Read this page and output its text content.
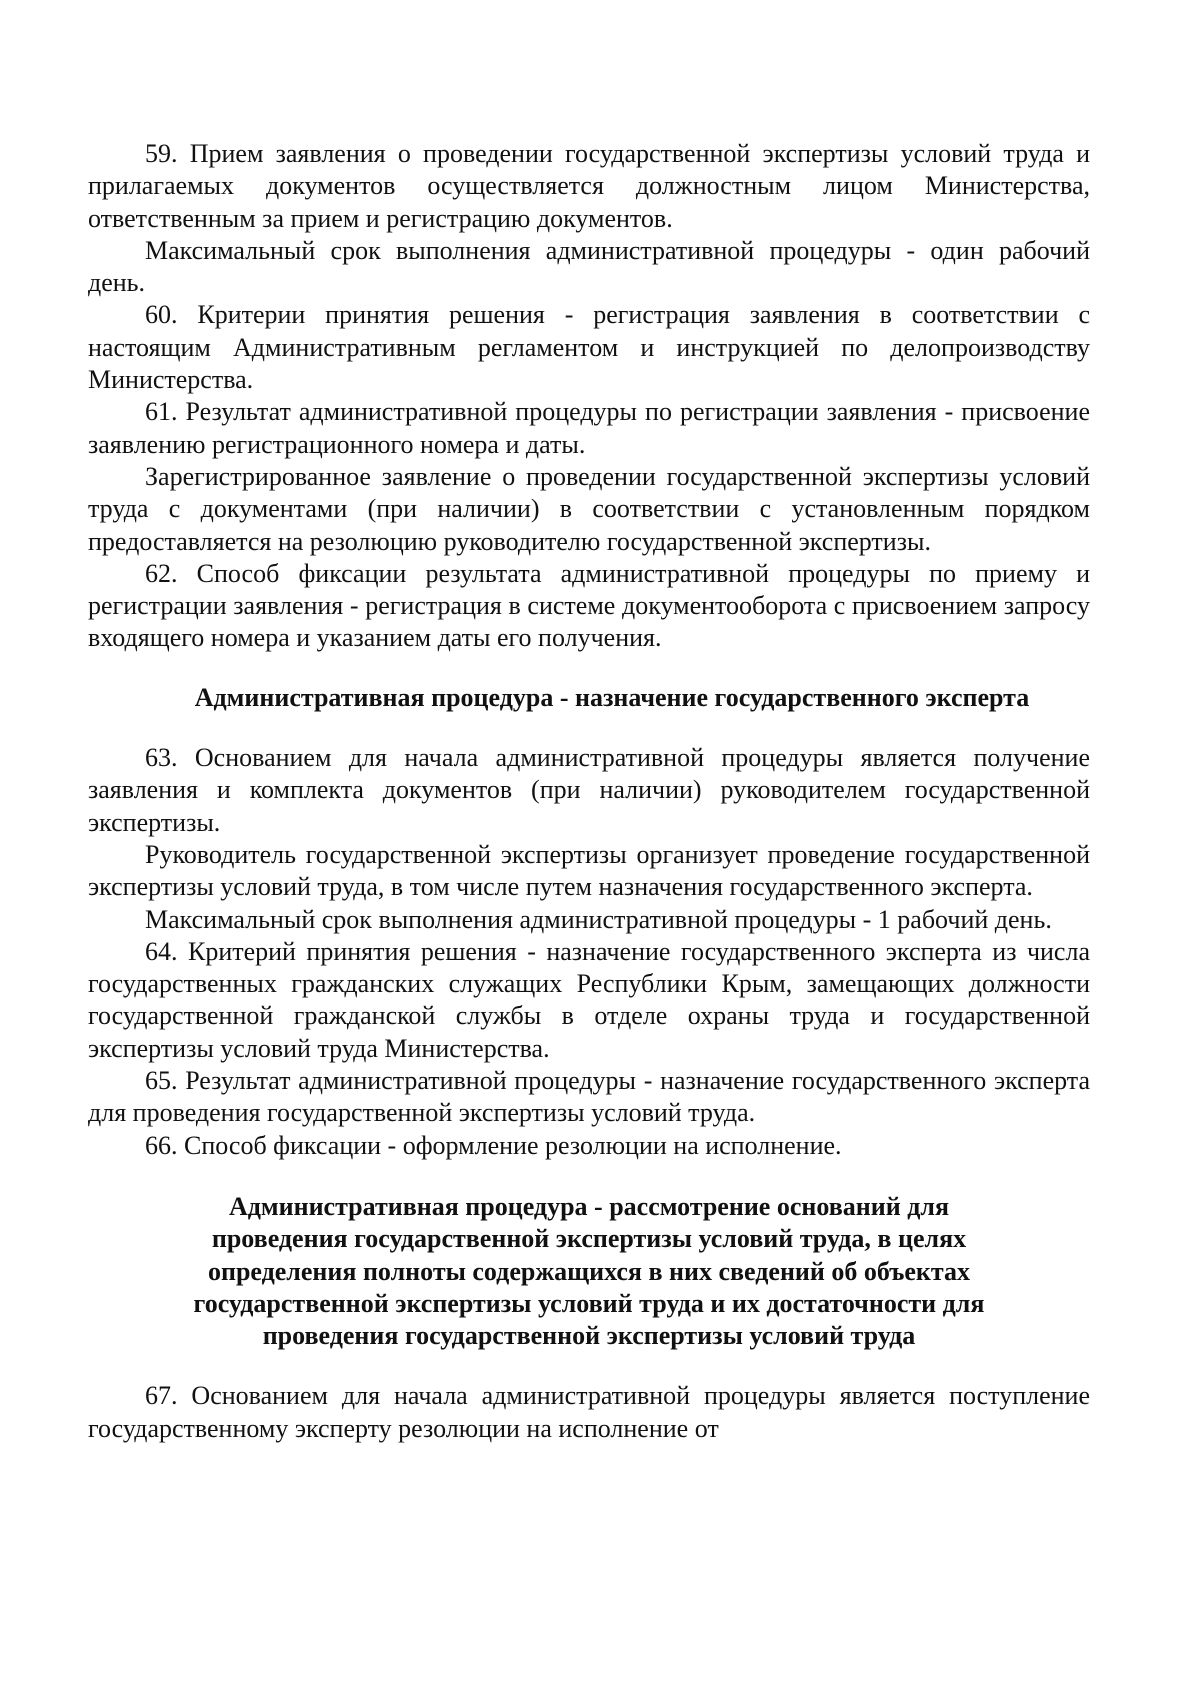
59. Прием заявления о проведении государственной экспертизы условий труда и прилагаемых документов осуществляется должностным лицом Министерства, ответственным за прием и регистрацию документов.

Максимальный срок выполнения административной процедуры - один рабочий день.

60. Критерии принятия решения - регистрация заявления в соответствии с настоящим Административным регламентом и инструкцией по делопроизводству Министерства.

61. Результат административной процедуры по регистрации заявления - присвоение заявлению регистрационного номера и даты.

Зарегистрированное заявление о проведении государственной экспертизы условий труда с документами (при наличии) в соответствии с установленным порядком предоставляется на резолюцию руководителю государственной экспертизы.

62. Способ фиксации результата административной процедуры по приему и регистрации заявления - регистрация в системе документооборота с присвоением запросу входящего номера и указанием даты его получения.

Административная процедура - назначение государственного эксперта

63. Основанием для начала административной процедуры является получение заявления и комплекта документов (при наличии) руководителем государственной экспертизы.

Руководитель государственной экспертизы организует проведение государственной экспертизы условий труда, в том числе путем назначения государственного эксперта.

Максимальный срок выполнения административной процедуры - 1 рабочий день.

64. Критерий принятия решения - назначение государственного эксперта из числа государственных гражданских служащих Республики Крым, замещающих должности государственной гражданской службы в отделе охраны труда и государственной экспертизы условий труда Министерства.

65. Результат административной процедуры - назначение государственного эксперта для проведения государственной экспертизы условий труда.

66. Способ фиксации - оформление резолюции на исполнение.

Административная процедура - рассмотрение оснований для
проведения государственной экспертизы условий труда, в целях
определения полноты содержащихся в них сведений об объектах
государственной экспертизы условий труда и их достаточности для
проведения государственной экспертизы условий труда

67. Основанием для начала административной процедуры является поступление государственному эксперту резолюции на исполнение от
